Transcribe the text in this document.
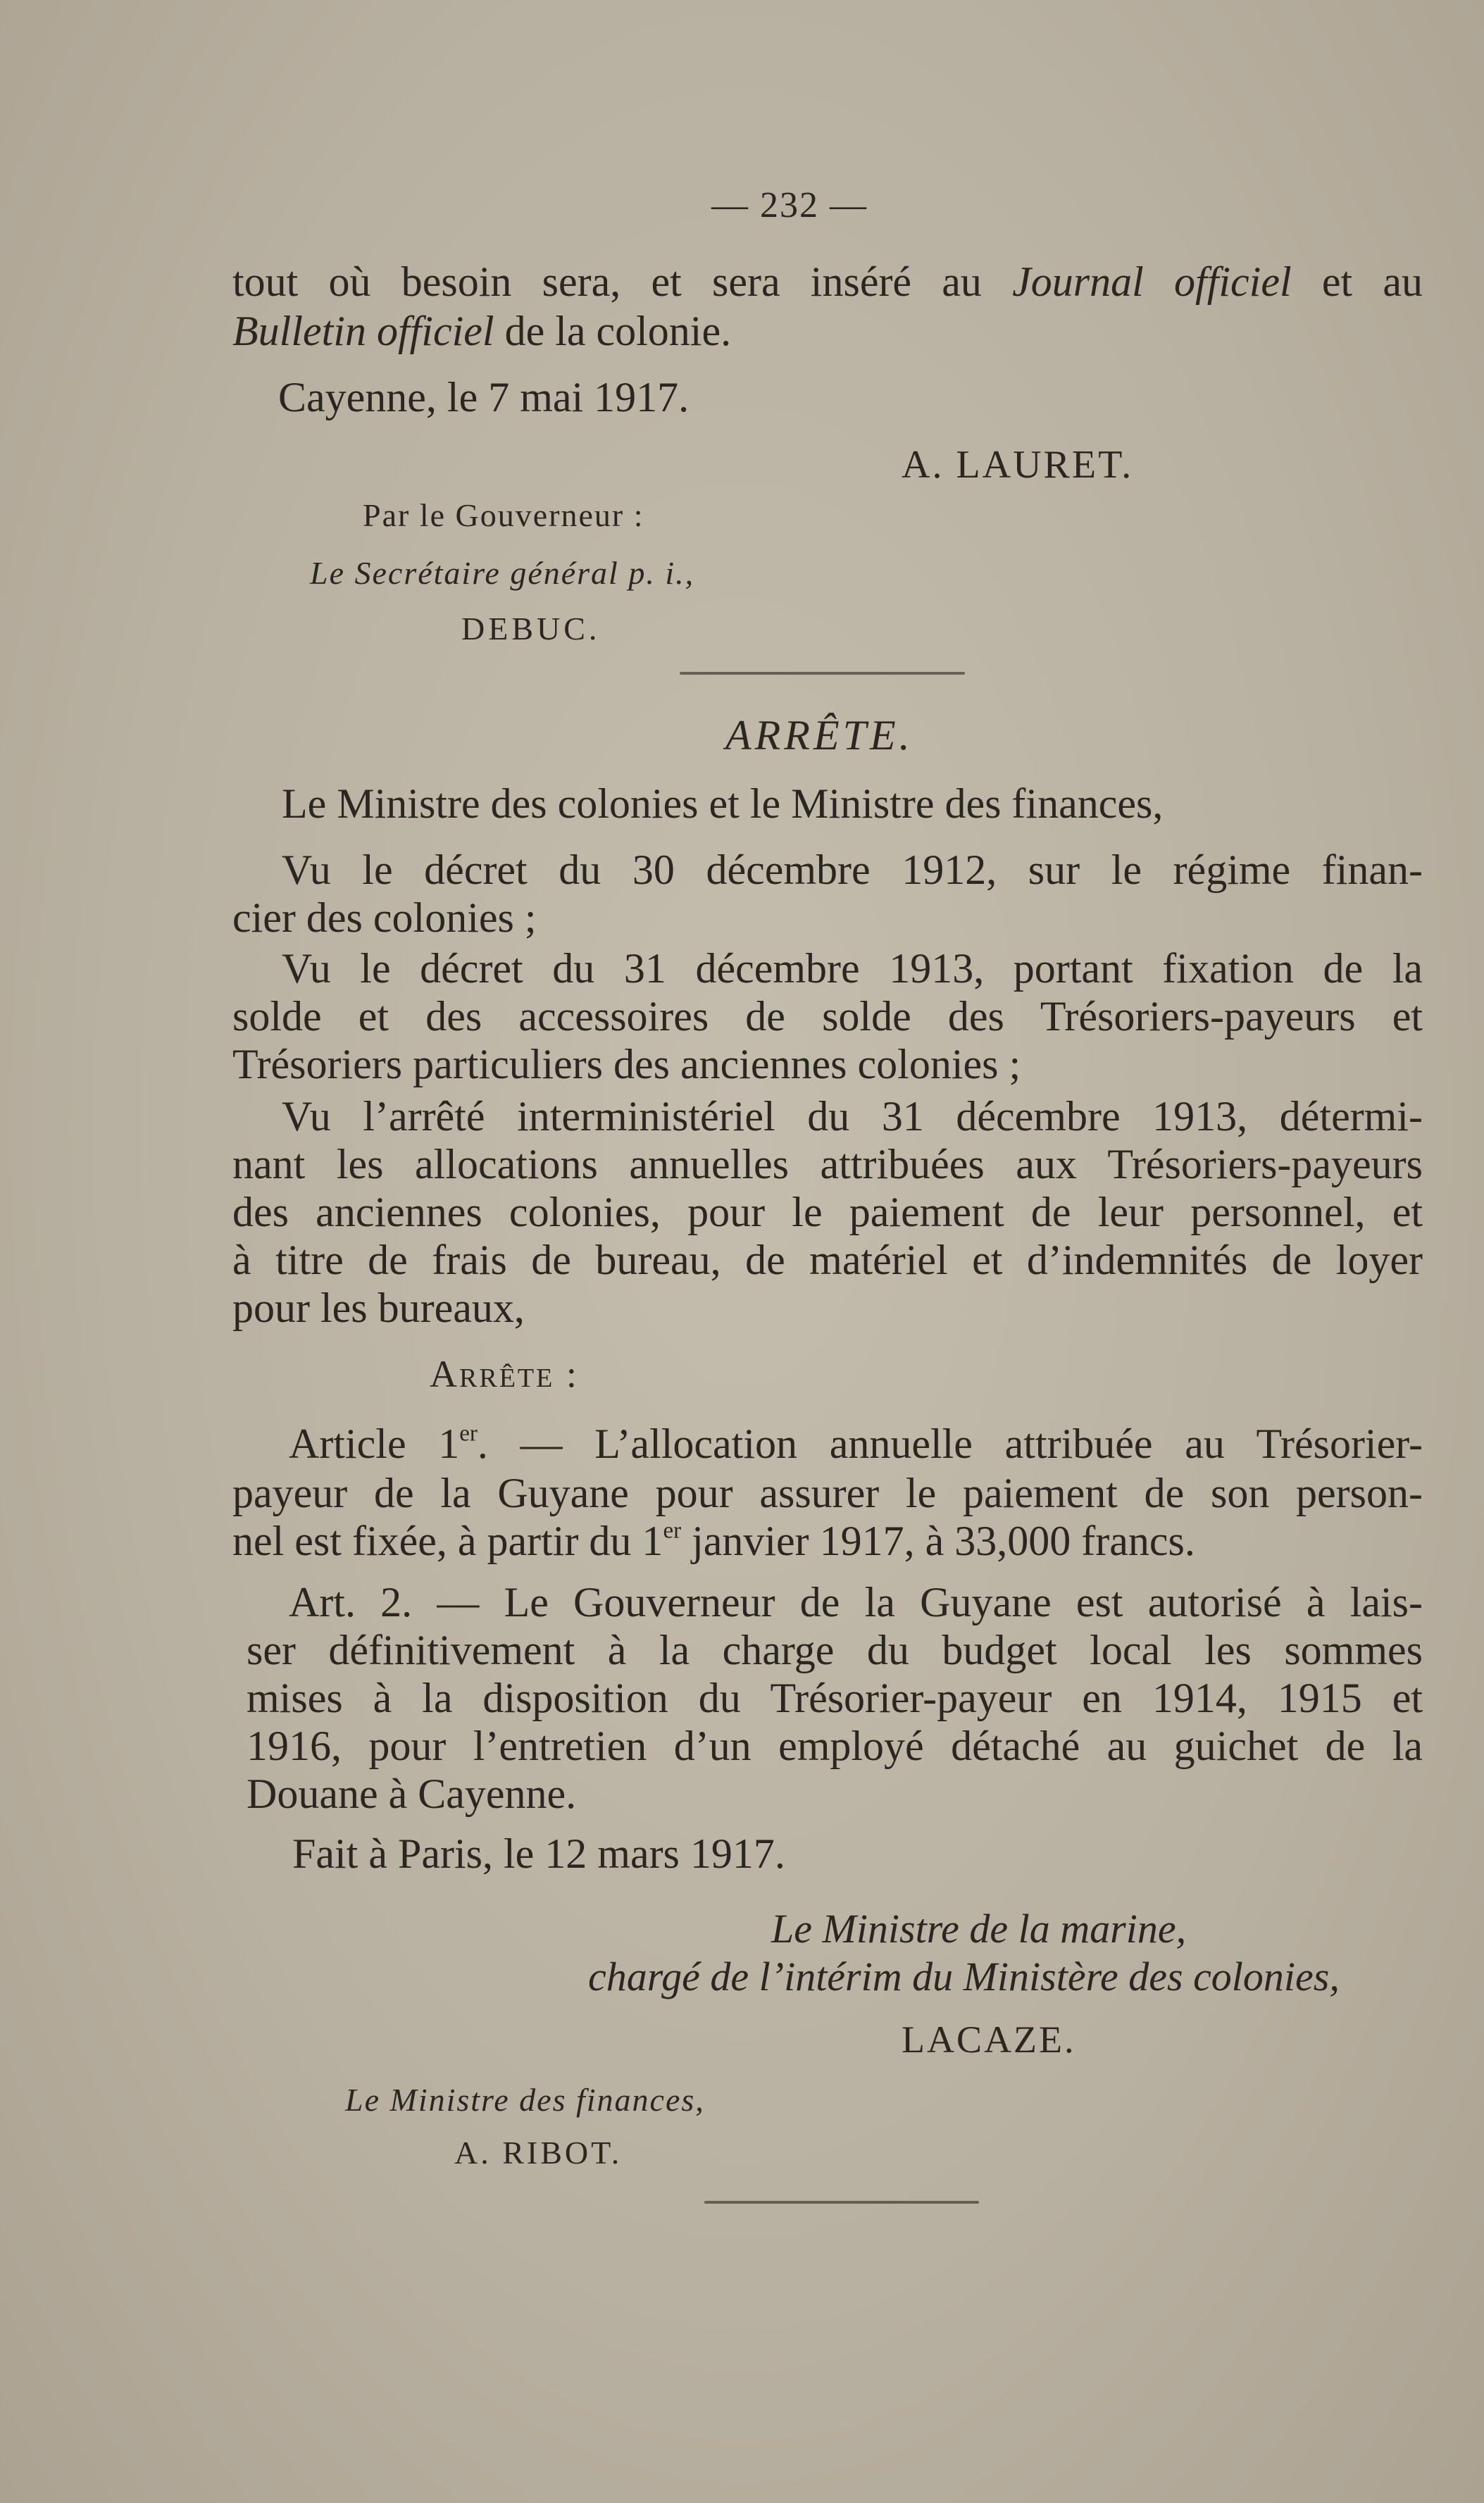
— 232 —
tout où besoin sera, et sera inséré au Journal officiel et au
Bulletin officiel de la colonie.
Cayenne, le 7 mai 1917.
A. LAURET.
Par le Gouverneur :
Le Secrétaire général p. i.,
DEBUC.
ARRÊTE.
Le Ministre des colonies et le Ministre des finances,
Vu le décret du 30 décembre 1912, sur le régime finan-
cier des colonies ;
Vu le décret du 31 décembre 1913, portant fixation de la
solde et des accessoires de solde des Trésoriers-payeurs et
Trésoriers particuliers des anciennes colonies ;
Vu l’arrêté interministériel du 31 décembre 1913, détermi-
nant les allocations annuelles attribuées aux Trésoriers-payeurs
des anciennes colonies, pour le paiement de leur personnel, et
à titre de frais de bureau, de matériel et d’indemnités de loyer
pour les bureaux,
Arrête :
Article 1er. — L’allocation annuelle attribuée au Trésorier-
payeur de la Guyane pour assurer le paiement de son person-
nel est fixée, à partir du 1er janvier 1917, à 33,000 francs.
Art. 2. — Le Gouverneur de la Guyane est autorisé à lais-
ser définitivement à la charge du budget local les sommes
mises à la disposition du Trésorier-payeur en 1914, 1915 et
1916, pour l’entretien d’un employé détaché au guichet de la
Douane à Cayenne.
Fait à Paris, le 12 mars 1917.
Le Ministre de la marine,
chargé de l’intérim du Ministère des colonies,
LACAZE.
Le Ministre des finances,
A. RIBOT.
